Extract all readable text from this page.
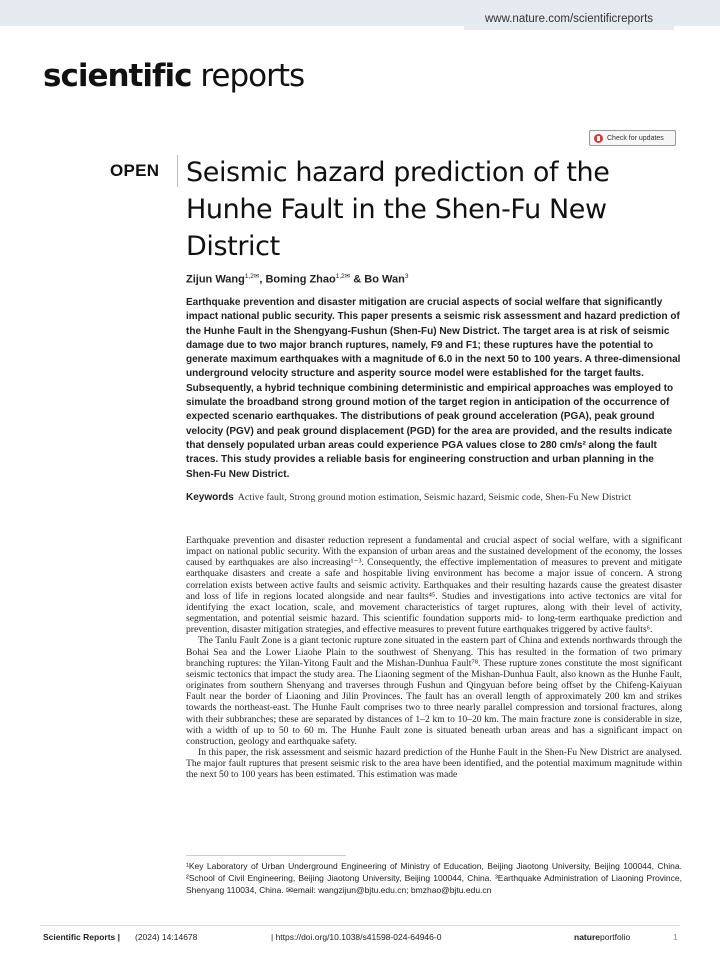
www.nature.com/scientificreports
scientific reports
Check for updates
OPEN Seismic hazard prediction of the Hunhe Fault in the Shen-Fu New District
Zijun Wang$^{1,2✉}$, Boming Zhao$^{1,2✉}$ & Bo Wan$^3$
Earthquake prevention and disaster mitigation are crucial aspects of social welfare that significantly impact national public security. This paper presents a seismic risk assessment and hazard prediction of the Hunhe Fault in the Shengyang-Fushun (Shen-Fu) New District. The target area is at risk of seismic damage due to two major branch ruptures, namely, F9 and F1; these ruptures have the potential to generate maximum earthquakes with a magnitude of 6.0 in the next 50 to 100 years. A three-dimensional underground velocity structure and asperity source model were established for the target faults. Subsequently, a hybrid technique combining deterministic and empirical approaches was employed to simulate the broadband strong ground motion of the target region in anticipation of the occurrence of expected scenario earthquakes. The distributions of peak ground acceleration (PGA), peak ground velocity (PGV) and peak ground displacement (PGD) for the area are provided, and the results indicate that densely populated urban areas could experience PGA values close to 280 cm/s² along the fault traces. This study provides a reliable basis for engineering construction and urban planning in the Shen-Fu New District.
Keywords Active fault, Strong ground motion estimation, Seismic hazard, Seismic code, Shen-Fu New District

Earthquake prevention and disaster reduction represent a fundamental and crucial aspect of social welfare, with a significant impact on national public security. With the expansion of urban areas and the sustained development of the economy, the losses caused by earthquakes are also increasing¹⁻³. Consequently, the effective implementation of measures to prevent and mitigate earthquake disasters and create a safe and hospitable living environment has become a major issue of concern. A strong correlation exists between active faults and seismic activity. Earthquakes and their resulting hazards cause the greatest disaster and loss of life in regions located alongside and near faults⁴⁵. Studies and investigations into active tectonics are vital for identifying the exact location, scale, and movement characteristics of target ruptures, along with their level of activity, segmentation, and potential seismic hazard. This scientific foundation supports mid- to long-term earthquake prediction and prevention, disaster mitigation strategies, and effective measures to prevent future earthquakes triggered by active faults⁶.

The Tanlu Fault Zone is a giant tectonic rupture zone situated in the eastern part of China and extends northwards through the Bohai Sea and the Lower Liaohe Plain to the southwest of Shenyang. This has resulted in the formation of two primary branching ruptures: the Yilan-Yitong Fault and the Mishan-Dunhua Fault⁷⁸. These rupture zones constitute the most significant seismic tectonics that impact the study area. The Liaoning segment of the Mishan-Dunhua Fault, also known as the Hunhe Fault, originates from southern Shenyang and traverses through Fushun and Qingyuan before being offset by the Chifeng-Kaiyuan Fault near the border of Liaoning and Jilin Provinces. The fault has an overall length of approximately 200 km and strikes towards the northeast-east. The Hunhe Fault comprises two to three nearly parallel compression and torsional fractures, along with their subbranches; these are separated by distances of 1–2 km to 10–20 km. The main fracture zone is considerable in size, with a width of up to 50 to 60 m. The Hunhe Fault zone is situated beneath urban areas and has a significant impact on construction, geology and earthquake safety.

In this paper, the risk assessment and seismic hazard prediction of the Hunhe Fault in the Shen-Fu New District are analysed. The major fault ruptures that present seismic risk to the area have been identified, and the potential maximum magnitude within the next 50 to 100 years has been estimated. This estimation was made

¹Key Laboratory of Urban Underground Engineering of Ministry of Education, Beijing Jiaotong University, Beijing 100044, China. ²School of Civil Engineering, Beijing Jiaotong University, Beijing 100044, China. ³Earthquake Administration of Liaoning Province, Shenyang 110034, China. ✉email: wangzijun@bjtu.edu.cn; bmzhao@bjtu.edu.cn
Scientific Reports | (2024) 14:14678	| https://doi.org/10.1038/s41598-024-64946-0	natureportfolio	1
